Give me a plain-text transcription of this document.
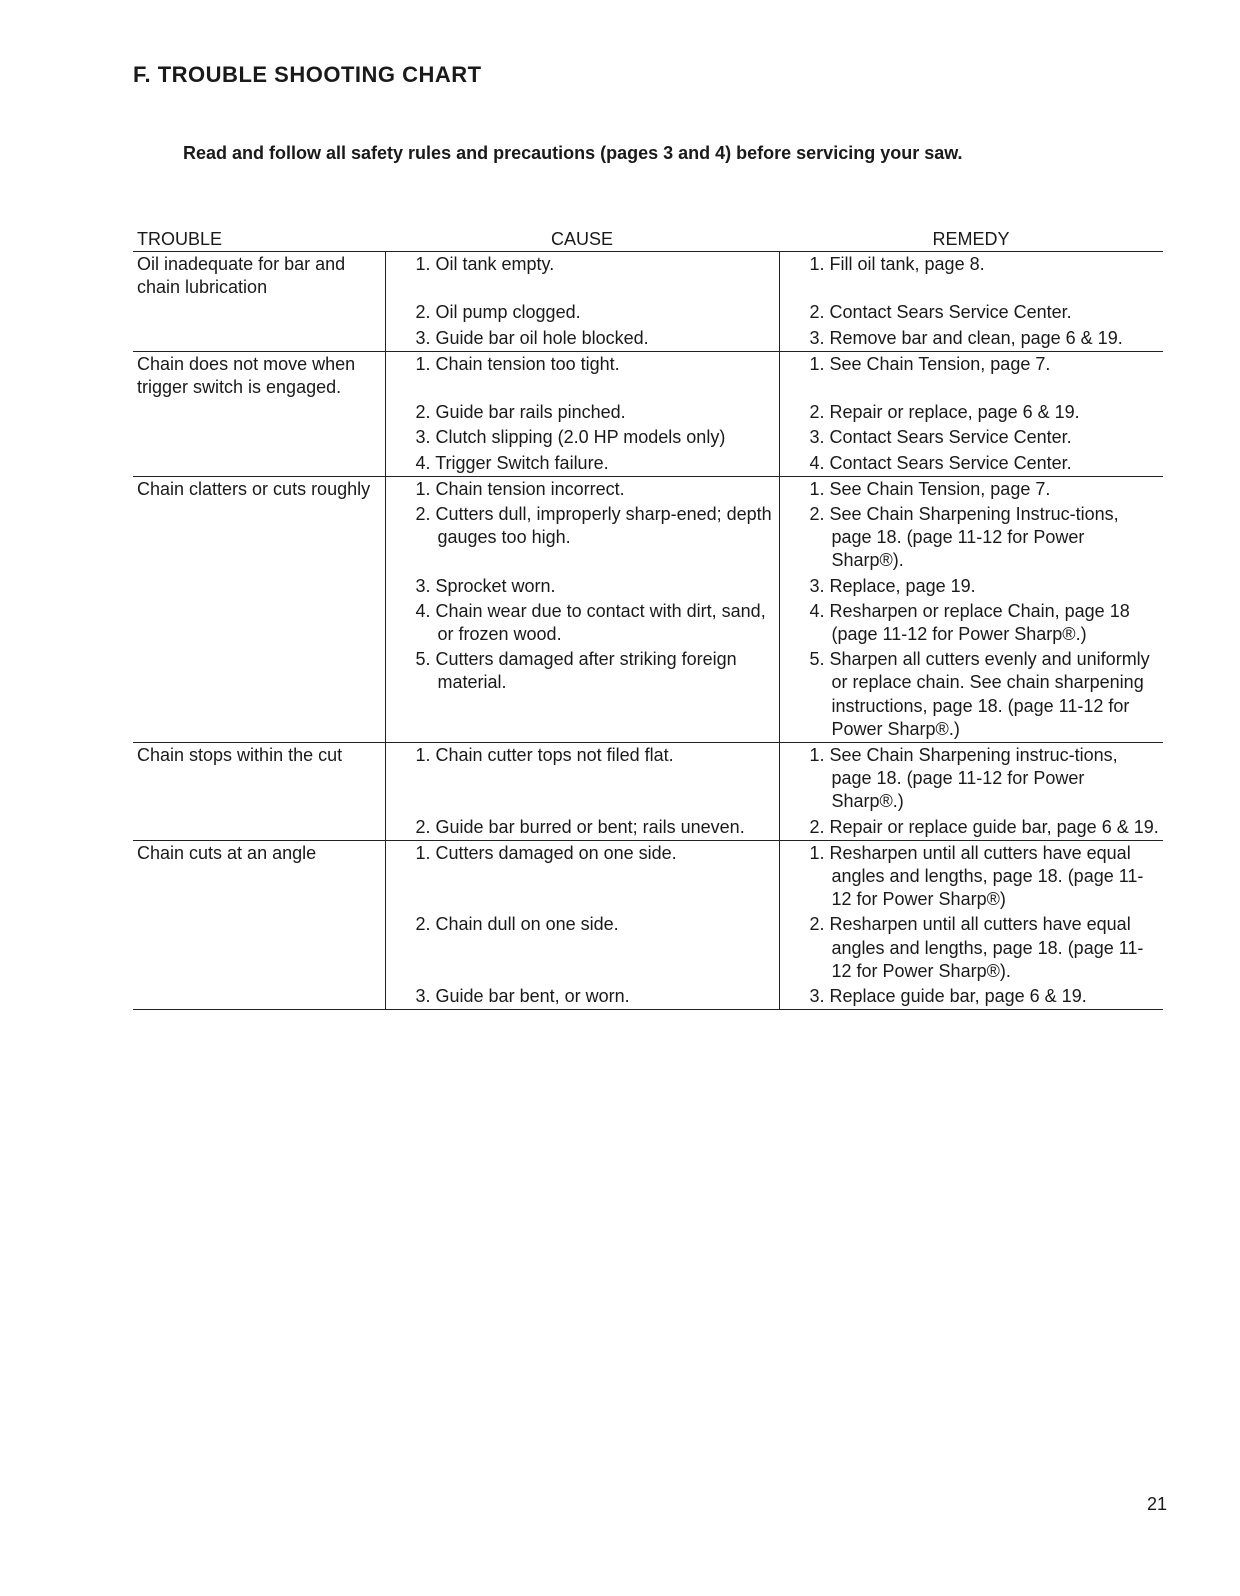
F. TROUBLE SHOOTING CHART

Read and follow all safety rules and precautions (pages 3 and 4) before servicing your saw.

TROUBLE	CAUSE	REMEDY
Oil inadequate for bar and chain lubrication	1. Oil tank empty.	1. Fill oil tank, page 8.

	2. Oil pump clogged.	2. Contact Sears Service Center.

	3. Guide bar oil hole blocked.	3. Remove bar and clean, page 6 & 19.

Chain does not move when trigger switch is engaged.	1. Chain tension too tight.	1. See Chain Tension, page 7.

	2. Guide bar rails pinched.	2. Repair or replace, page 6 & 19.

	3. Clutch slipping (2.0 HP models only)	3. Contact Sears Service Center.

	4. Trigger Switch failure.	4. Contact Sears Service Center.

Chain clatters or cuts roughly	1. Chain tension incorrect.	1. See Chain Tension, page 7.

	2. Cutters dull, improperly sharp-ened; depth gauges too high.	2. See Chain Sharpening Instruc-tions, page 18. (page 11-12 for Power Sharp®).

	3. Sprocket worn.	3. Replace, page 19.

	4. Chain wear due to contact with dirt, sand, or frozen wood.	4. Resharpen or replace Chain, page 18 (page 11-12 for Power Sharp®.)

	5. Cutters damaged after striking foreign material.	5. Sharpen all cutters evenly and uniformly or replace chain. See chain sharpening instructions, page 18. (page 11-12 for Power Sharp®.)

Chain stops within the cut	1. Chain cutter tops not filed flat.	1. See Chain Sharpening instruc-tions, page 18. (page 11-12 for Power Sharp®.)

	2. Guide bar burred or bent; rails uneven.	2. Repair or replace guide bar, page 6 & 19.

Chain cuts at an angle	1. Cutters damaged on one side.	1. Resharpen until all cutters have equal angles and lengths, page 18. (page 11-12 for Power Sharp®)

	2. Chain dull on one side.	2. Resharpen until all cutters have equal angles and lengths, page 18. (page 11-12 for Power Sharp®).

	3. Guide bar bent, or worn.	3. Replace guide bar, page 6 & 19.

21
